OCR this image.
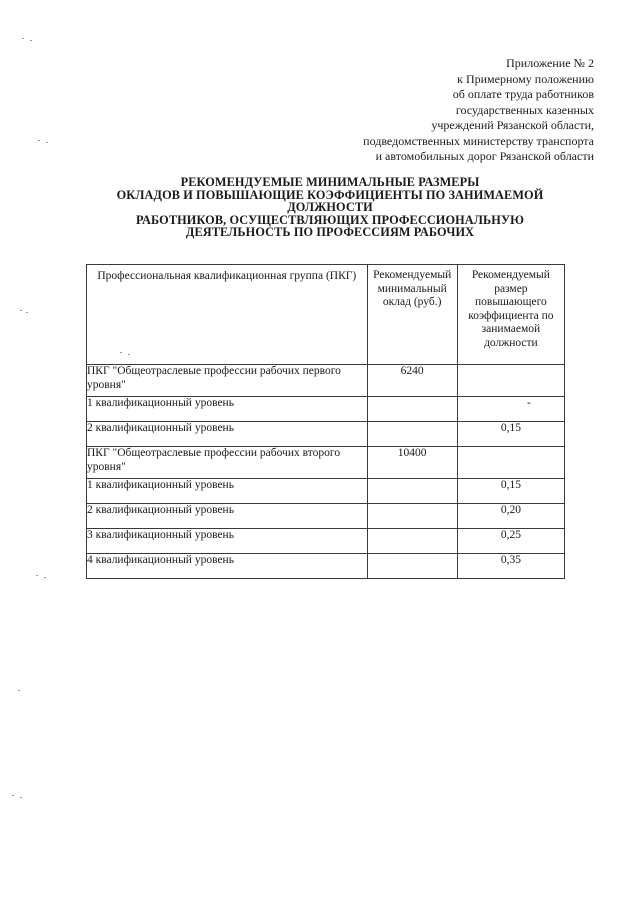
Приложение № 2
к Примерному положению
об оплате труда работников
государственных казенных
учреждений Рязанской области,
подведомственных министерству транспорта
и автомобильных дорог Рязанской области
РЕКОМЕНДУЕМЫЕ МИНИМАЛЬНЫЕ РАЗМЕРЫ
ОКЛАДОВ И ПОВЫШАЮЩИЕ КОЭФФИЦИЕНТЫ ПО ЗАНИМАЕМОЙ
ДОЛЖНОСТИ
РАБОТНИКОВ, ОСУЩЕСТВЛЯЮЩИХ ПРОФЕССИОНАЛЬНУЮ
ДЕЯТЕЛЬНОСТЬ ПО ПРОФЕССИЯМ РАБОЧИХ
Профессиональная квалификационная группа (ПКГ)	Рекомендуемый минимальный оклад (руб.)	Рекомендуемый размер повышающего коэффициента по занимаемой должности

ПКГ "Общеотраслевые профессии рабочих первого уровня"	6240	
1 квалификационный уровень		-
2 квалификационный уровень		0,15
ПКГ "Общеотраслевые профессии рабочих второго уровня"	10400	
1 квалификационный уровень		0,15
2 квалификационный уровень		0,20
3 квалификационный уровень		0,25
4 квалификационный уровень		0,35
